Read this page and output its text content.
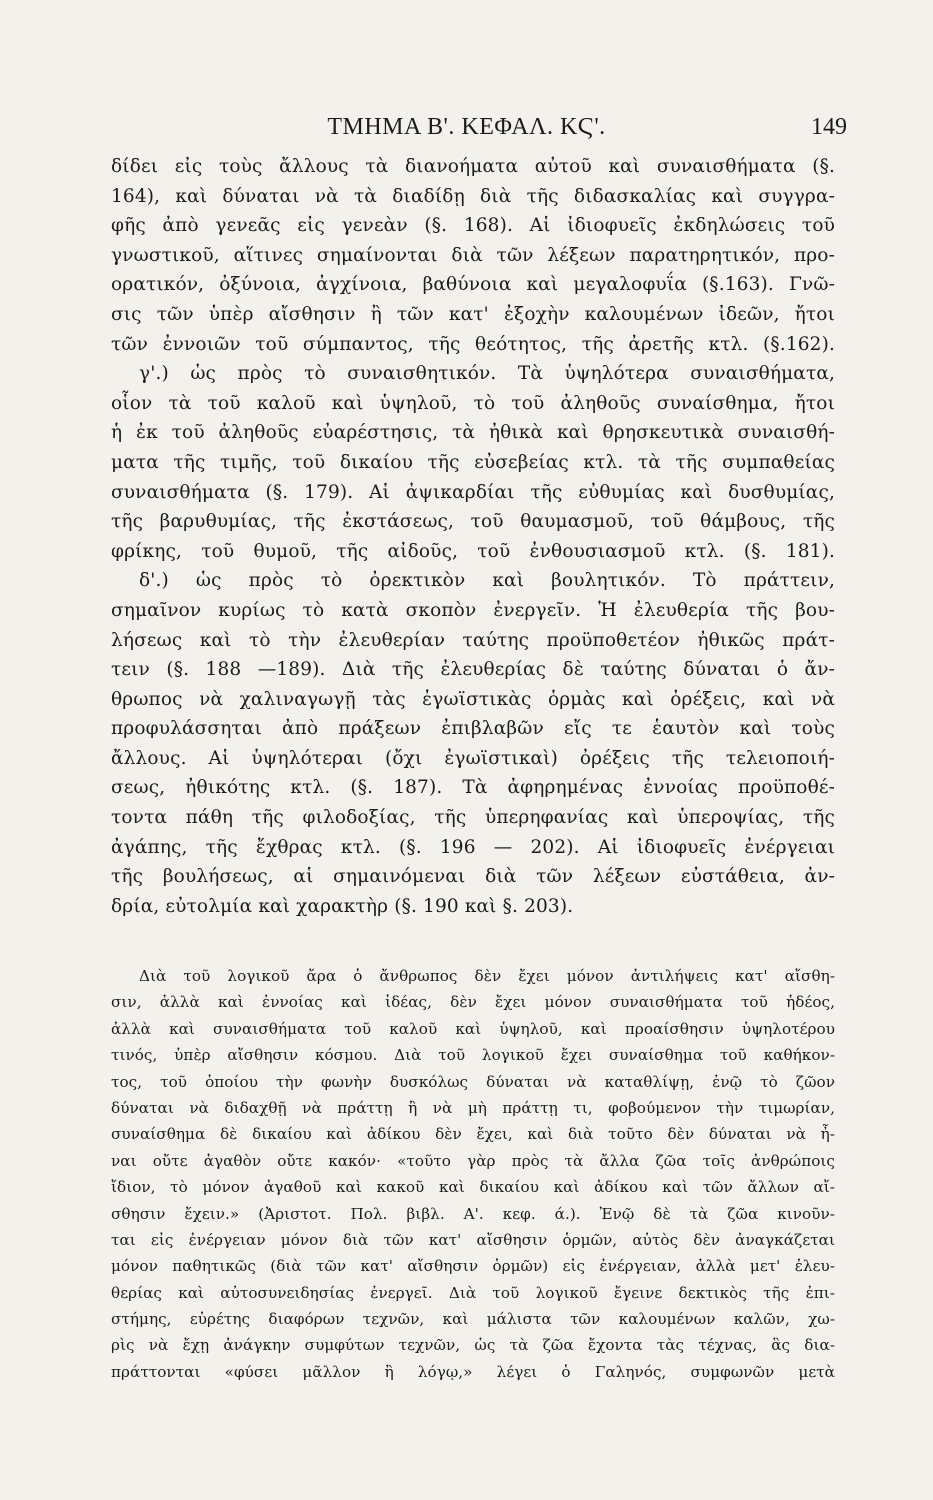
ΤΜΗΜΑ Β'. ΚΕΦΑΛ. ΚϚ'.	149
δίδει εἰς τοὺς ἄλλους τὰ διανοήματα αὐτοῦ καὶ συναισθήματα (§.
164), καὶ δύναται νὰ τὰ διαδίδῃ διὰ τῆς διδασκαλίας καὶ συγγρα-
φῆς ἀπὸ γενεᾶς εἰς γενεὰν (§. 168). Αἱ ἰδιοφυεῖς ἐκδηλώσεις τοῦ
γνωστικοῦ, αἵτινες σημαίνονται διὰ τῶν λέξεων παρατηρητικόν, προ-
ορατικόν, ὀξύνοια, ἀγχίνοια, βαθύνοια καὶ μεγαλοφυΐα (§.163). Γνῶ-
σις τῶν ὑπὲρ αἴσθησιν ἢ τῶν κατ' ἐξοχὴν καλουμένων ἰδεῶν, ἤτοι
τῶν ἐννοιῶν τοῦ σύμπαντος, τῆς θεότητος, τῆς ἀρετῆς κτλ. (§.162).
γ'.) ὡς πρὸς τὸ συναισθητικόν. Τὰ ὑψηλότερα συναισθήματα,
οἷον τὰ τοῦ καλοῦ καὶ ὑψηλοῦ, τὸ τοῦ ἀληθοῦς συναίσθημα, ἤτοι
ἡ ἐκ τοῦ ἀληθοῦς εὐαρέστησις, τὰ ἠθικὰ καὶ θρησκευτικὰ συναισθή-
ματα τῆς τιμῆς, τοῦ δικαίου τῆς εὐσεβείας κτλ. τὰ τῆς συμπαθείας
συναισθήματα (§. 179). Αἱ ἀψικαρδίαι τῆς εὐθυμίας καὶ δυσθυμίας,
τῆς βαρυθυμίας, τῆς ἐκστάσεως, τοῦ θαυμασμοῦ, τοῦ θάμβους, τῆς
φρίκης, τοῦ θυμοῦ, τῆς αἰδοῦς, τοῦ ἐνθουσιασμοῦ κτλ. (§. 181).
δ'.) ὡς πρὸς τὸ ὀρεκτικὸν καὶ βουλητικόν. Τὸ πράττειν,
σημαῖνον κυρίως τὸ κατὰ σκοπὸν ἐνεργεῖν. Ἡ ἐλευθερία τῆς βου-
λήσεως καὶ τὸ τὴν ἐλευθερίαν ταύτης προϋποθετέον ἠθικῶς πράτ-
τειν (§. 188 —189). Διὰ τῆς ἐλευθερίας δὲ ταύτης δύναται ὁ ἄν-
θρωπος νὰ χαλιναγωγῇ τὰς ἐγωϊστικὰς ὁρμὰς καὶ ὀρέξεις, καὶ νὰ
προφυλάσσηται ἀπὸ πράξεων ἐπιβλαβῶν εἴς τε ἑαυτὸν καὶ τοὺς
ἄλλους. Αἱ ὑψηλότεραι (ὄχι ἐγωϊστικαὶ) ὀρέξεις τῆς τελειοποιή-
σεως, ἠθικότης κτλ. (§. 187). Τὰ ἀφηρημένας ἐννοίας προϋποθέ-
τοντα πάθη τῆς φιλοδοξίας, τῆς ὑπερηφανίας καὶ ὑπεροψίας, τῆς
ἀγάπης, τῆς ἔχθρας κτλ. (§. 196 — 202). Αἱ ἰδιοφυεῖς ἐνέργειαι
τῆς βουλήσεως, αἱ σημαινόμεναι διὰ τῶν λέξεων εὐστάθεια, ἀν-
δρία, εὐτολμία καὶ χαρακτὴρ (§. 190 καὶ §. 203).
Διὰ τοῦ λογικοῦ ἄρα ὁ ἄνθρωπος δὲν ἔχει μόνον ἀντιλήψεις κατ' αἴσθη-
σιν, ἀλλὰ καὶ ἐννοίας καὶ ἰδέας, δὲν ἔχει μόνον συναισθήματα τοῦ ἡδέος,
ἀλλὰ καὶ συναισθήματα τοῦ καλοῦ καὶ ὑψηλοῦ, καὶ προαίσθησιν ὑψηλοτέρου
τινός, ὑπὲρ αἴσθησιν κόσμου. Διὰ τοῦ λογικοῦ ἔχει συναίσθημα τοῦ καθήκον-
τος, τοῦ ὁποίου τὴν φωνὴν δυσκόλως δύναται νὰ καταθλίψῃ, ἐνῷ τὸ ζῶον
δύναται νὰ διδαχθῇ νὰ πράττῃ ἢ νὰ μὴ πράττῃ τι, φοβούμενον τὴν τιμωρίαν,
συναίσθημα δὲ δικαίου καὶ ἀδίκου δὲν ἔχει, καὶ διὰ τοῦτο δὲν δύναται νὰ ἦ-
ναι οὔτε ἀγαθὸν οὔτε κακόν· «τοῦτο γὰρ πρὸς τὰ ἄλλα ζῶα τοῖς ἀνθρώποις
ἴδιον, τὸ μόνον ἀγαθοῦ καὶ κακοῦ καὶ δικαίου καὶ ἀδίκου καὶ τῶν ἄλλων αἴ-
σθησιν ἔχειν.» (Ἀριστοτ. Πολ. βιβλ. Α'. κεφ. ά.). Ἐνῷ δὲ τὰ ζῶα κινοῦν-
ται εἰς ἐνέργειαν μόνον διὰ τῶν κατ' αἴσθησιν ὁρμῶν, αὐτὸς δὲν ἀναγκάζεται
μόνον παθητικῶς (διὰ τῶν κατ' αἴσθησιν ὁρμῶν) εἰς ἐνέργειαν, ἀλλὰ μετ' ἐλευ-
θερίας καὶ αὐτοσυνειδησίας ἐνεργεῖ. Διὰ τοῦ λογικοῦ ἔγεινε δεκτικὸς τῆς ἐπι-
στήμης, εὑρέτης διαφόρων τεχνῶν, καὶ μάλιστα τῶν καλουμένων καλῶν, χω-
ρὶς νὰ ἔχῃ ἀνάγκην συμφύτων τεχνῶν, ὡς τὰ ζῶα ἔχοντα τὰς τέχνας, ἃς δια-
πράττονται «φύσει μᾶλλον ἢ λόγῳ,» λέγει ὁ Γαληνός, συμφωνῶν μετὰ
